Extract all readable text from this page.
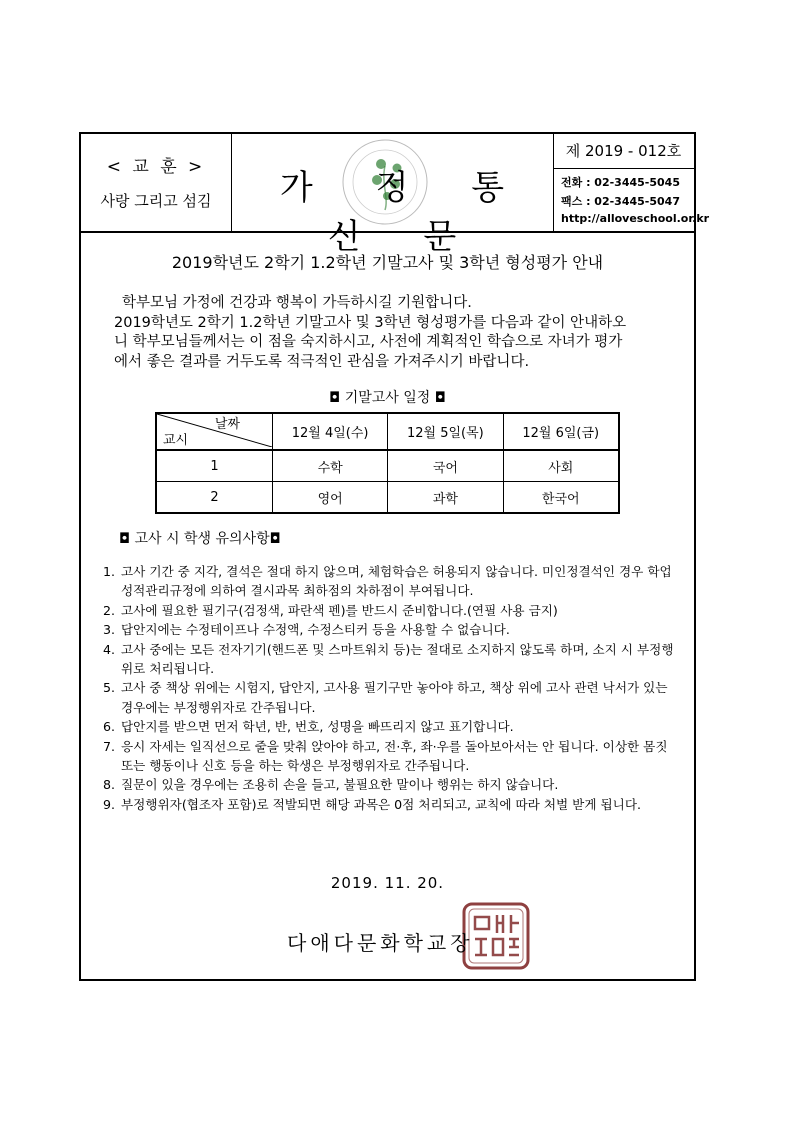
< 교 훈 >
사랑 그리고 섬김	가 정 통 신 문
제 2019 - 012호
전화 : 02-3445-5045
팩스 : 02-3445-5047
http://alloveschool.or.kr
2019학년도 2학기 1.2학년 기말고사 및 3학년 형성평가 안내

학부모님 가정에 건강과 행복이 가득하시길 기원합니다.

2019학년도 2학기 1.2학년 기말고사 및 3학년 형성평가를 다음과 같이 안내하오

니 학부모님들께서는 이 점을 숙지하시고, 사전에 계획적인 학습으로 자녀가 평가

에서 좋은 결과를 거두도록 적극적인 관심을 가져주시기 바랍니다.

◘ 기말고사 일정 ◘
날짜
교시	12월 4일(수)	12월 5일(목)	12월 6일(금)
1	수학	국어	사회
2	영어	과학	한국어
◘ 고사 시 학생 유의사항◘
1. 고사 기간 중 지각, 결석은 절대 하지 않으며, 체험학습은 허용되지 않습니다. 미인정결석인 경우 학업성적관리규정에 의하여 결시과목 최하점의 차하점이 부여됩니다.
2. 고사에 필요한 필기구(검정색, 파란색 펜)를 반드시 준비합니다.(연필 사용 금지)
3. 답안지에는 수정테이프나 수정액, 수정스티커 등을 사용할 수 없습니다.
4. 고사 중에는 모든 전자기기(핸드폰 및 스마트워치 등)는 절대로 소지하지 않도록 하며, 소지 시 부정행위로 처리됩니다.
5. 고사 중 책상 위에는 시험지, 답안지, 고사용 필기구만 놓아야 하고, 책상 위에 고사 관련 낙서가 있는 경우에는 부정행위자로 간주됩니다.
6. 답안지를 받으면 먼저 학년, 반, 번호, 성명을 빠뜨리지 않고 표기합니다.
7. 응시 자세는 일직선으로 줄을 맞춰 앉아야 하고, 전·후, 좌·우를 돌아보아서는 안 됩니다. 이상한 몸짓 또는 행동이나 신호 등을 하는 학생은 부정행위자로 간주됩니다.
8. 질문이 있을 경우에는 조용히 손을 들고, 불필요한 말이나 행위는 하지 않습니다.
9. 부정행위자(협조자 포함)로 적발되면 해당 과목은 0점 처리되고, 교칙에 따라 처벌 받게 됩니다.
2019. 11. 20.
다애다문화학교장
